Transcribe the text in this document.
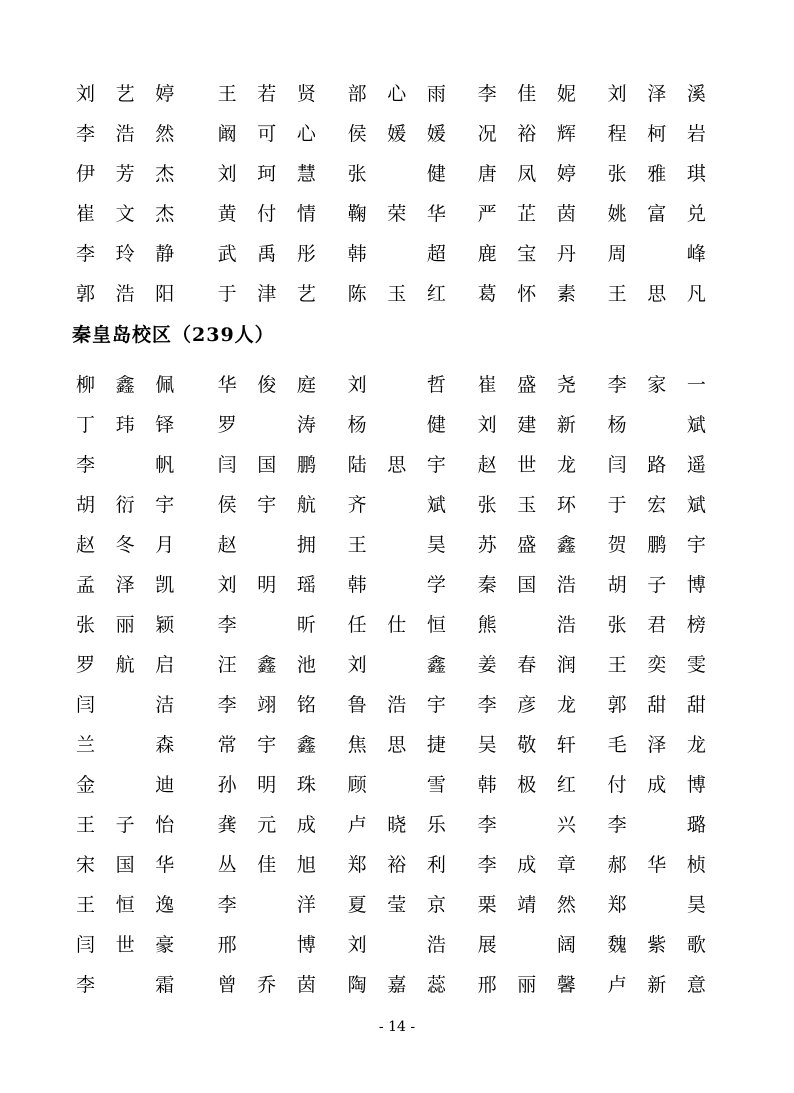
刘艺婷	王若贤	部心雨	李佳妮	刘泽溪

李浩然	阚可心	侯媛媛	况裕辉	程柯岩

伊芳杰	刘珂慧	张健	唐凤婷	张雅琪

崔文杰	黄付情	鞠荣华	严芷茵	姚富兑

李玲静	武禹彤	韩超	鹿宝丹	周峰

郭浩阳	于津艺	陈玉红	葛怀素	王思凡
秦皇岛校区（239人）
柳鑫佩	华俊庭	刘哲	崔盛尧	李家一

丁玮铎	罗涛	杨健	刘建新	杨斌

李帆	闫国鹏	陆思宇	赵世龙	闫路遥

胡衍宇	侯宇航	齐斌	张玉环	于宏斌

赵冬月	赵拥	王昊	苏盛鑫	贺鹏宇

孟泽凯	刘明瑶	韩学	秦国浩	胡子博

张丽颖	李昕	任仕恒	熊浩	张君榜

罗航启	汪鑫池	刘鑫	姜春润	王奕雯

闫洁	李翊铭	鲁浩宇	李彦龙	郭甜甜

兰森	常宇鑫	焦思捷	吴敬轩	毛泽龙

金迪	孙明珠	顾雪	韩极红	付成博

王子怡	龚元成	卢晓乐	李兴	李璐

宋国华	丛佳旭	郑裕利	李成章	郝华桢

王恒逸	李洋	夏莹京	栗靖然	郑昊

闫世豪	邢博	刘浩	展阔	魏紫歌

李霜	曾乔茵	陶嘉蕊	邢丽馨	卢新意
- 14 -
